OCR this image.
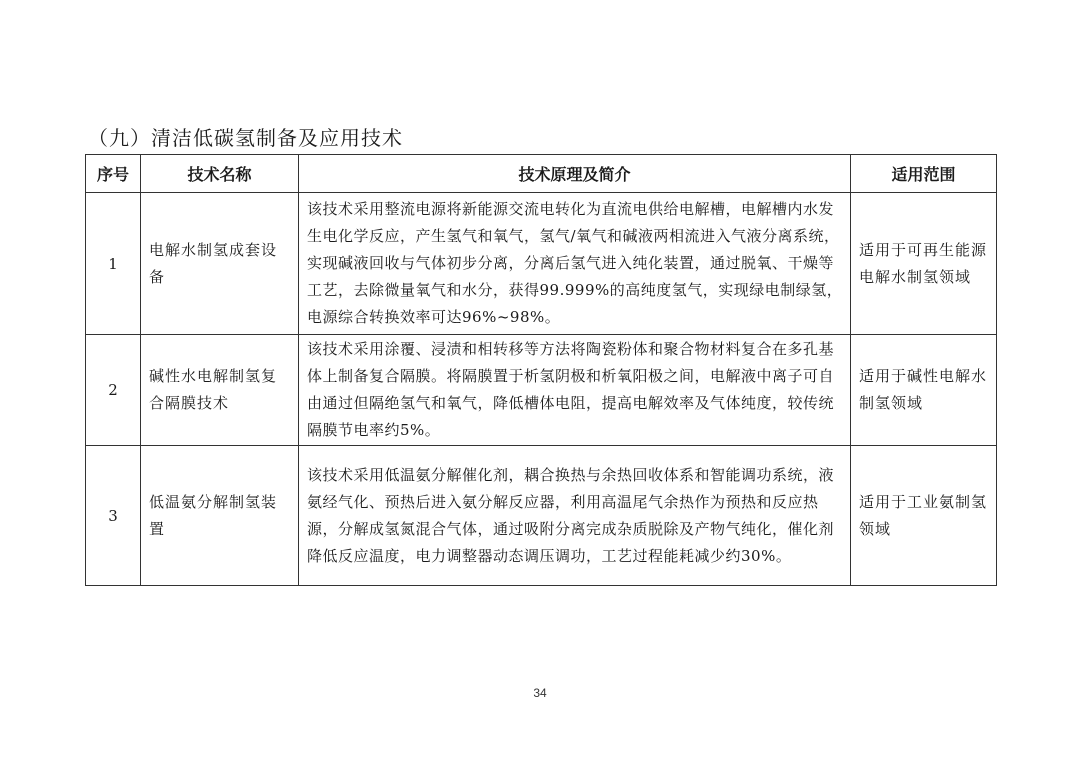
（九）清洁低碳氢制备及应用技术
序号	技术名称	技术原理及简介	适用范围
1	电解水制氢成套设备	该技术采用整流电源将新能源交流电转化为直流电供给电解槽，电解槽内水发生电化学反应，产生氢气和氧气，氢气/氧气和碱液两相流进入气液分离系统，实现碱液回收与气体初步分离，分离后氢气进入纯化装置，通过脱氧、干燥等工艺，去除微量氧气和水分，获得99.999%的高纯度氢气，实现绿电制绿氢，电源综合转换效率可达96%~98%。	适用于可再生能源电解水制氢领域
2	碱性水电解制氢复合隔膜技术	该技术采用涂覆、浸渍和相转移等方法将陶瓷粉体和聚合物材料复合在多孔基体上制备复合隔膜。将隔膜置于析氢阴极和析氧阳极之间，电解液中离子可自由通过但隔绝氢气和氧气，降低槽体电阻，提高电解效率及气体纯度，较传统隔膜节电率约5%。	适用于碱性电解水制氢领域
3	低温氨分解制氢装置	该技术采用低温氨分解催化剂，耦合换热与余热回收体系和智能调功系统，液氨经气化、预热后进入氨分解反应器，利用高温尾气余热作为预热和反应热源，分解成氢氮混合气体，通过吸附分离完成杂质脱除及产物气纯化，催化剂降低反应温度，电力调整器动态调压调功，工艺过程能耗减少约30%。	适用于工业氨制氢领域
34
